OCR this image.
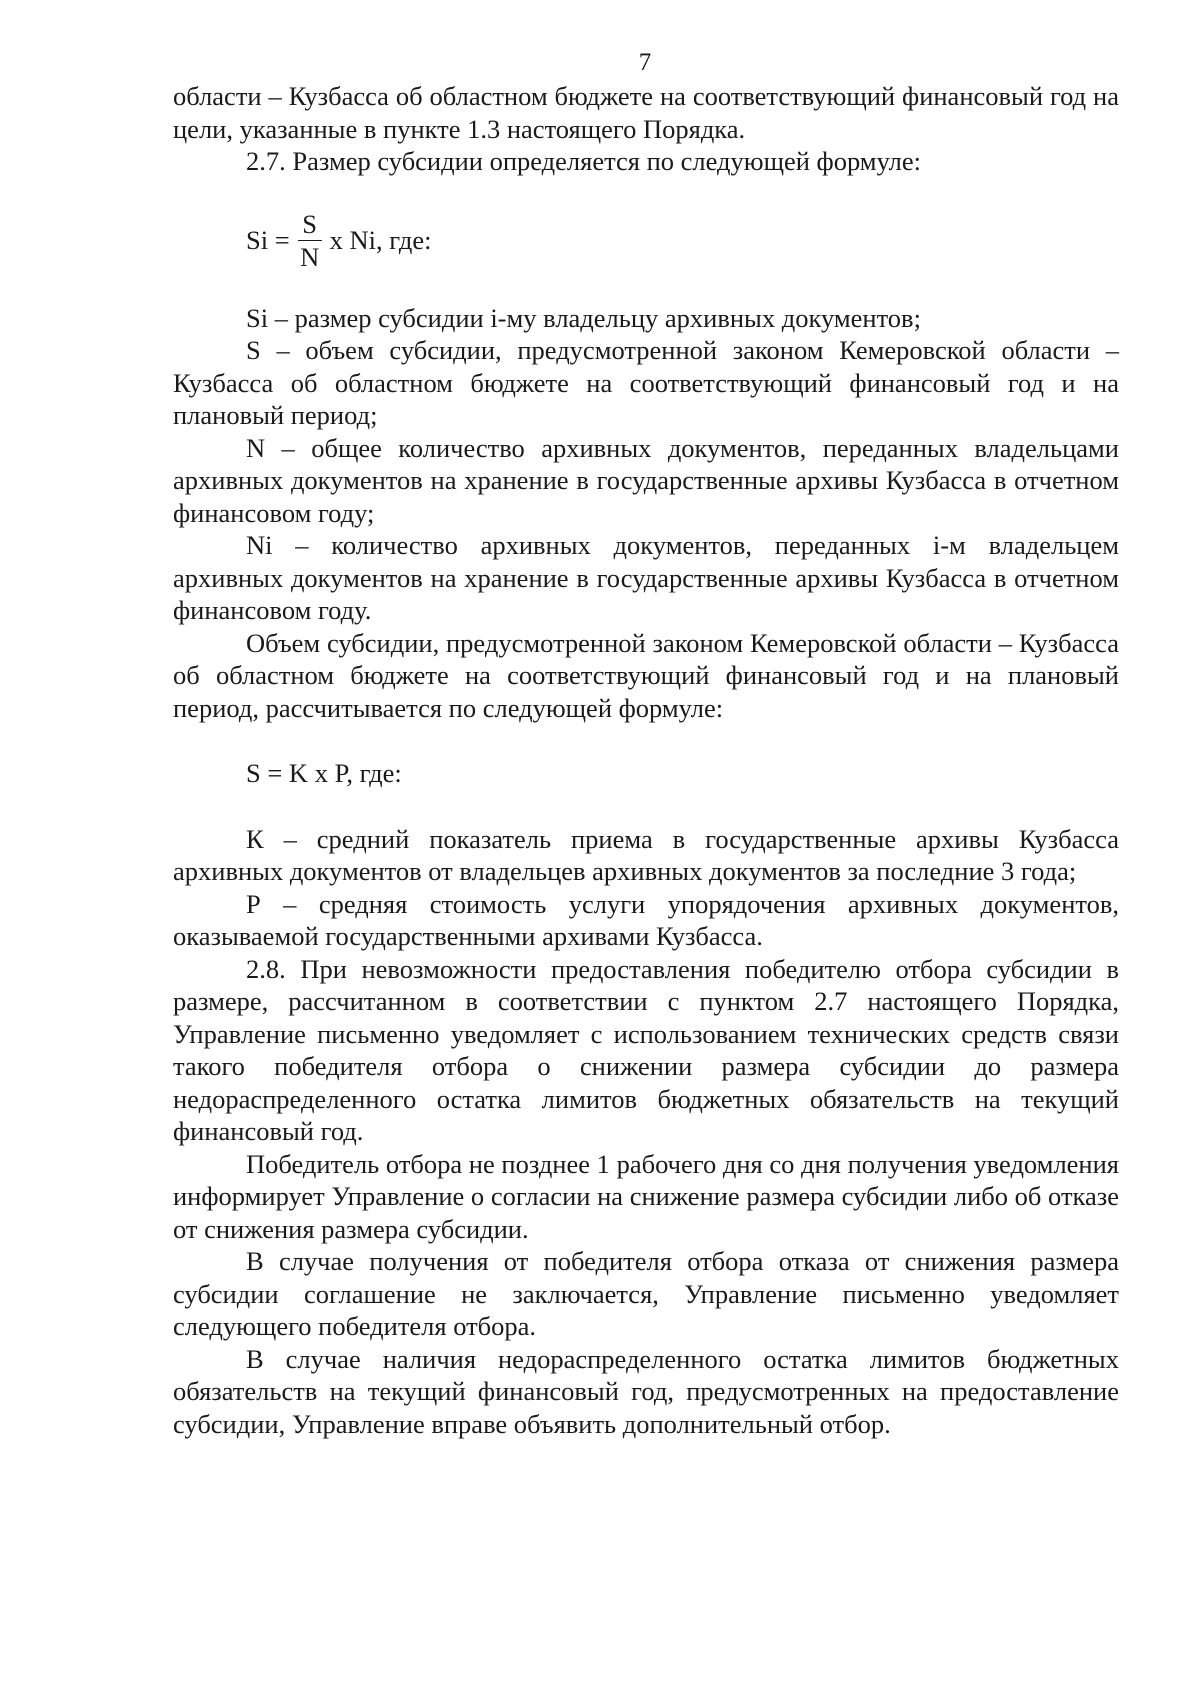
7

области – Кузбасса об областном бюджете на соответствующий финансовый год на цели, указанные в пункте 1.3 настоящего Порядка.

2.7. Размер субсидии определяется по следующей формуле:

$Si = \frac{S}{N}$ x Ni, где:

Si – размер субсидии i-му владельцу архивных документов;

S – объем субсидии, предусмотренной законом Кемеровской области – Кузбасса об областном бюджете на соответствующий финансовый год и на плановый период;

N – общее количество архивных документов, переданных владельцами архивных документов на хранение в государственные архивы Кузбасса в отчетном финансовом году;

Ni – количество архивных документов, переданных i-м владельцем архивных документов на хранение в государственные архивы Кузбасса в отчетном финансовом году.

Объем субсидии, предусмотренной законом Кемеровской области – Кузбасса об областном бюджете на соответствующий финансовый год и на плановый период, рассчитывается по следующей формуле:

S = K x P, где:

К – средний показатель приема в государственные архивы Кузбасса архивных документов от владельцев архивных документов за последние 3 года;

Р – средняя стоимость услуги упорядочения архивных документов, оказываемой государственными архивами Кузбасса.

2.8. При невозможности предоставления победителю отбора субсидии в размере, рассчитанном в соответствии с пунктом 2.7 настоящего Порядка, Управление письменно уведомляет с использованием технических средств связи такого победителя отбора о снижении размера субсидии до размера недораспределенного остатка лимитов бюджетных обязательств на текущий финансовый год.

Победитель отбора не позднее 1 рабочего дня со дня получения уведомления информирует Управление о согласии на снижение размера субсидии либо об отказе от снижения размера субсидии.

В случае получения от победителя отбора отказа от снижения размера субсидии соглашение не заключается, Управление письменно уведомляет следующего победителя отбора.

В случае наличия недораспределенного остатка лимитов бюджетных обязательств на текущий финансовый год, предусмотренных на предоставление субсидии, Управление вправе объявить дополнительный отбор.
